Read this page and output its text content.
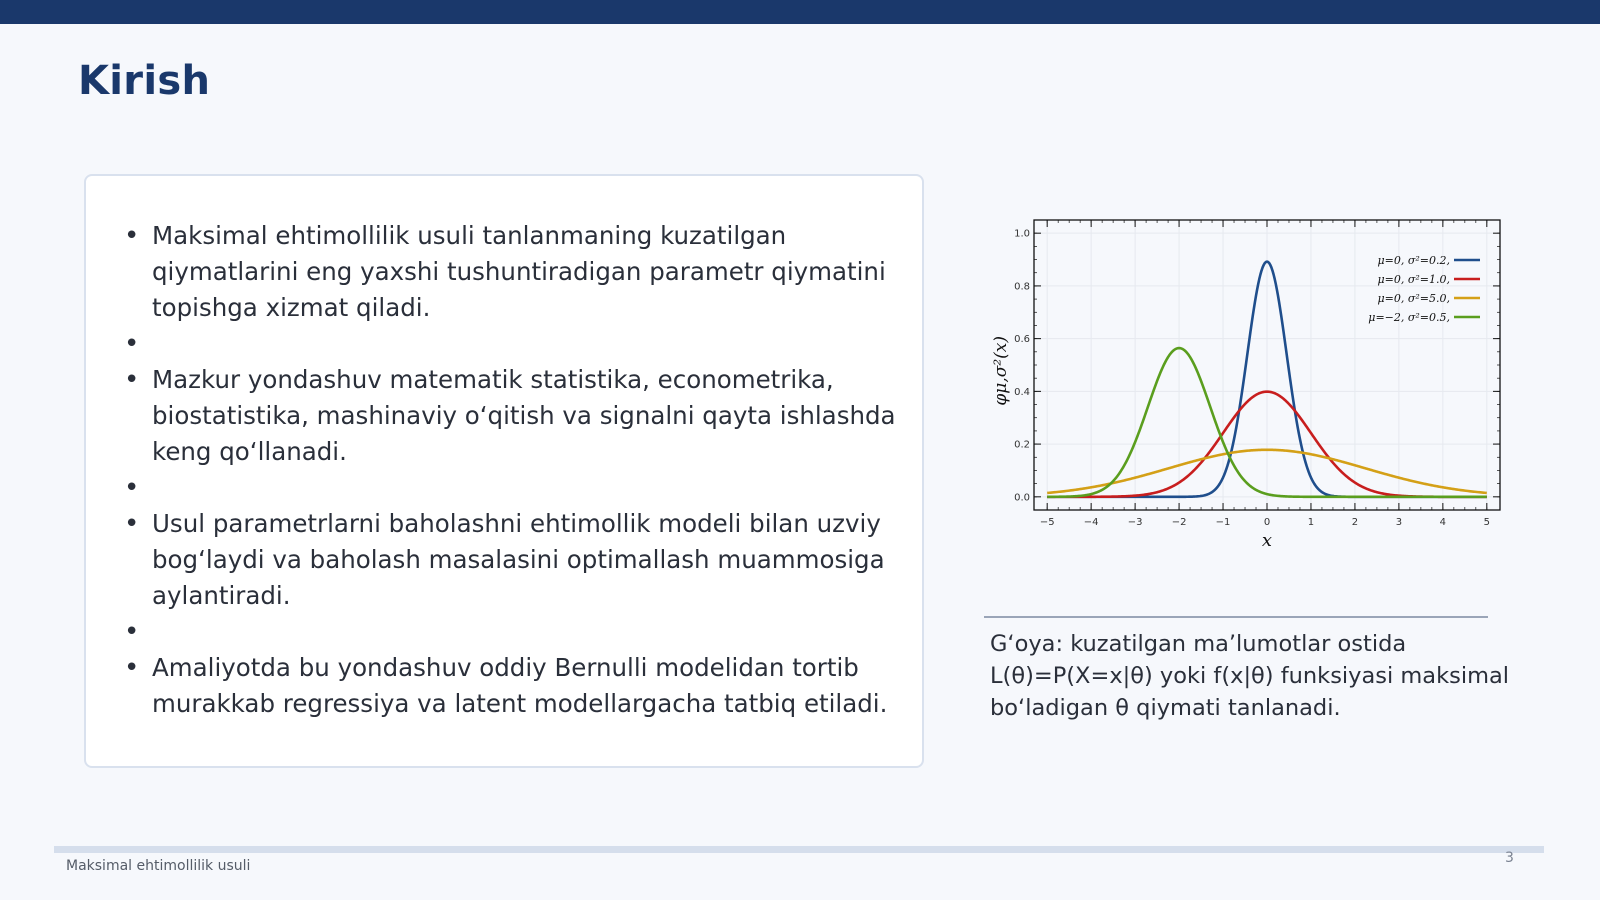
Kirish
• Maksimal ehtimollilik usuli tanlanmaning kuzatilgan qiymatlarini eng yaxshi tushuntiradigan parametr qiymatini topishga xizmat qiladi.
•
• Mazkur yondashuv matematik statistika, econometrika, biostatistika, mashinaviy o‘qitish va signalni qayta ishlashda keng qo‘llanadi.
•
• Usul parametrlarni baholashni ehtimollik modeli bilan uzviy bog‘laydi va baholash masalasini optimallash muammosiga aylantiradi.
•
• Amaliyotda bu yondashuv oddiy Bernulli modelidan tortib murakkab regressiya va latent modellargacha tatbiq etiladi.
−5	−4	−3	−2	−1	0	1	2	3	4	5
0.0
0.2
0.4
0.6
0.8
1.0
μ=0, σ²=0.2,
μ=0, σ²=1.0,
μ=0, σ²=5.0,
μ=−2, σ²=0.5,
x
φμ,σ²(x)
G‘oya: kuzatilgan ma’lumotlar ostida L(θ)=P(X=x|θ) yoki f(x|θ) funksiyasi maksimal bo‘ladigan θ qiymati tanlanadi.
Maksimal ehtimollilik usuli	3
